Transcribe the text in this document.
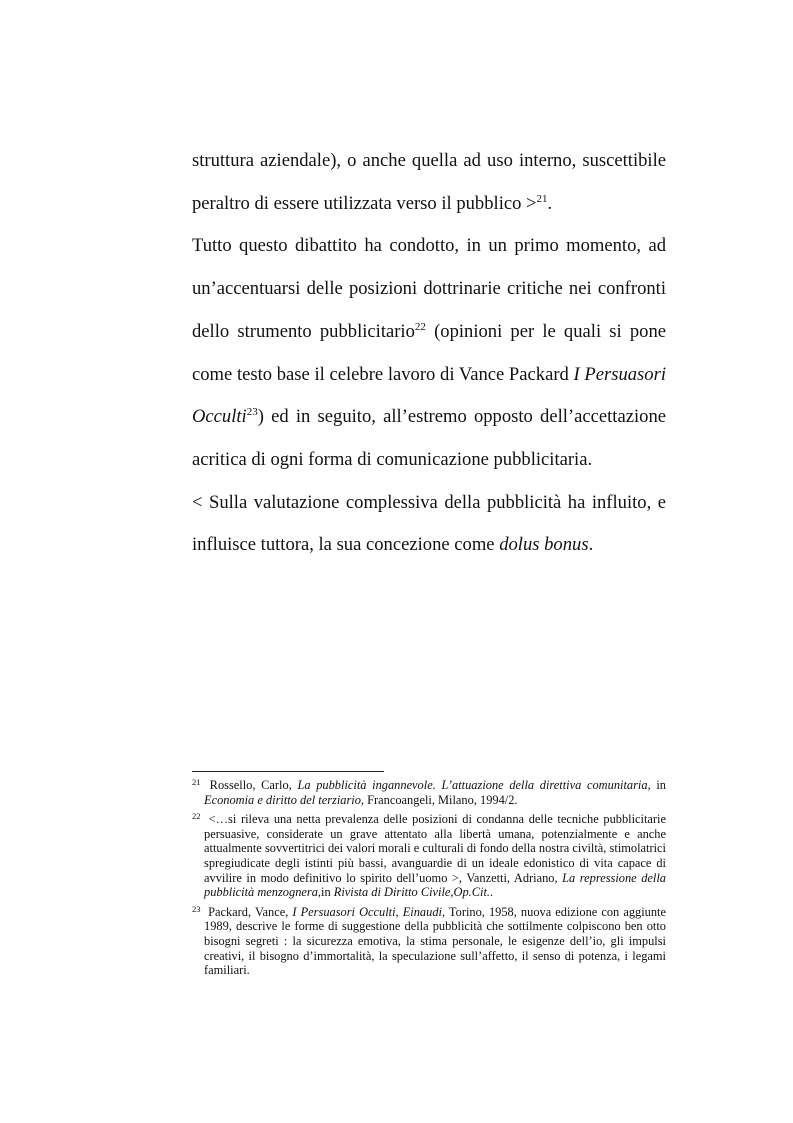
struttura aziendale), o anche quella ad uso interno, suscettibile peraltro di essere utilizzata verso il pubblico >$^{21}$.

Tutto questo dibattito ha condotto, in un primo momento, ad un’accentuarsi delle posizioni dottrinarie critiche nei confronti dello strumento pubblicitario$^{22}$ (opinioni per le quali si pone come testo base il celebre lavoro di Vance Packard I Persuasori Occulti$^{23}$) ed in seguito, all’estremo opposto dell’accettazione acritica di ogni forma di comunicazione pubblicitaria.

< Sulla valutazione complessiva della pubblicità ha influito, e influisce tuttora, la sua concezione come dolus bonus.

$^{21}$ Rossello, Carlo, La pubblicità ingannevole. L’attuazione della direttiva comunitaria, in Economia e diritto del terziario, Francoangeli, Milano, 1994/2.

$^{22}$ <…si rileva una netta prevalenza delle posizioni di condanna delle tecniche pubblicitarie persuasive, considerate un grave attentato alla libertà umana, potenzialmente e anche attualmente sovvertitrici dei valori morali e culturali di fondo della nostra civiltà, stimolatrici spregiudicate degli istinti più bassi, avanguardie di un ideale edonistico di vita capace di avvilire in modo definitivo lo spirito dell’uomo >, Vanzetti, Adriano, La repressione della pubblicità menzognera,in Rivista di Diritto Civile,Op.Cit..

$^{23}$ Packard, Vance, I Persuasori Occulti, Einaudi, Torino, 1958, nuova edizione con aggiunte 1989, descrive le forme di suggestione della pubblicità che sottilmente colpiscono ben otto bisogni segreti : la sicurezza emotiva, la stima personale, le esigenze dell’io, gli impulsi creativi, il bisogno d’immortalità, la speculazione sull’affetto, il senso di potenza, i legami familiari.
